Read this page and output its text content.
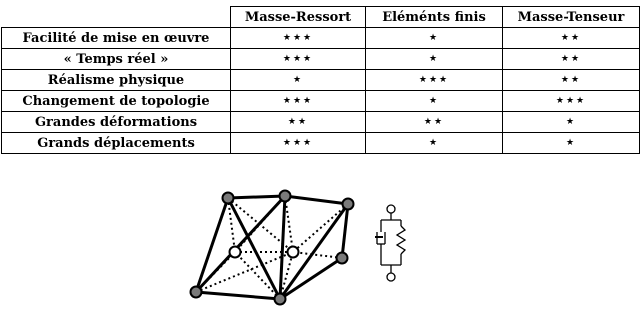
	Masse-Ressort	Eléménts finis	Masse-Tenseur
Facilité de mise en œuvre	★★★	★	★★
« Temps réel »	★★★	★	★★
Réalisme physique	★	★★★	★★
Changement de topologie	★★★	★	★★★
Grandes déformations	★★	★★	★
Grands déplacements	★★★	★	★
